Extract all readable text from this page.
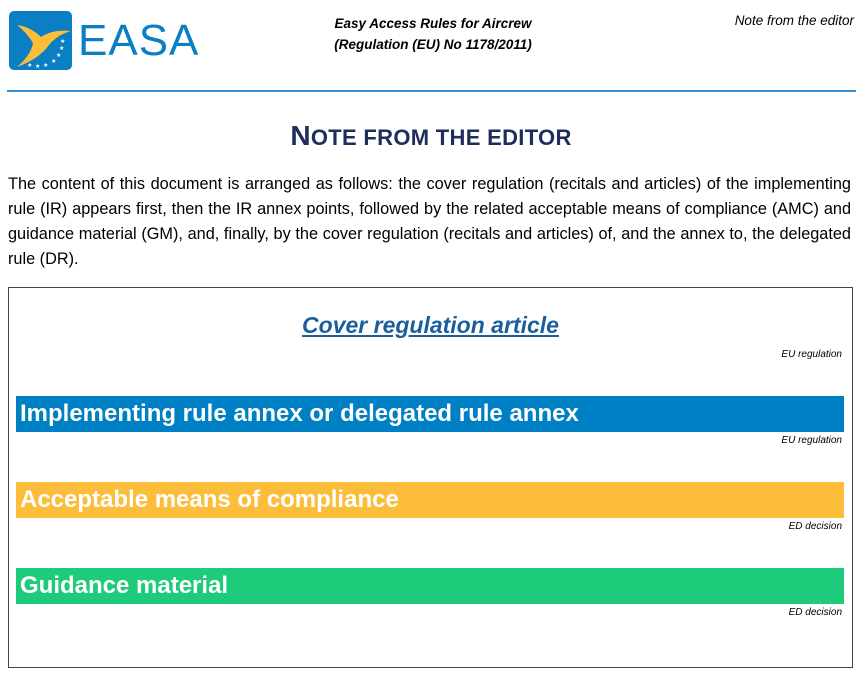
★ ★ ★
★
★
★
★ EASA	Easy Access Rules for Aircrew
(Regulation (EU) No 1178/2011)
Note from the editor
NOTE FROM THE EDITOR

The content of this document is arranged as follows: the cover regulation (recitals and articles) of the implementing rule (IR) appears first, then the IR annex points, followed by the related acceptable means of compliance (AMC) and guidance material (GM), and, finally, by the cover regulation (recitals and articles) of, and the annex to, the delegated rule (DR).

Cover regulation article
EU regulation
Implementing rule annex or delegated rule annex
EU regulation
Acceptable means of compliance
ED decision
Guidance material
ED decision
